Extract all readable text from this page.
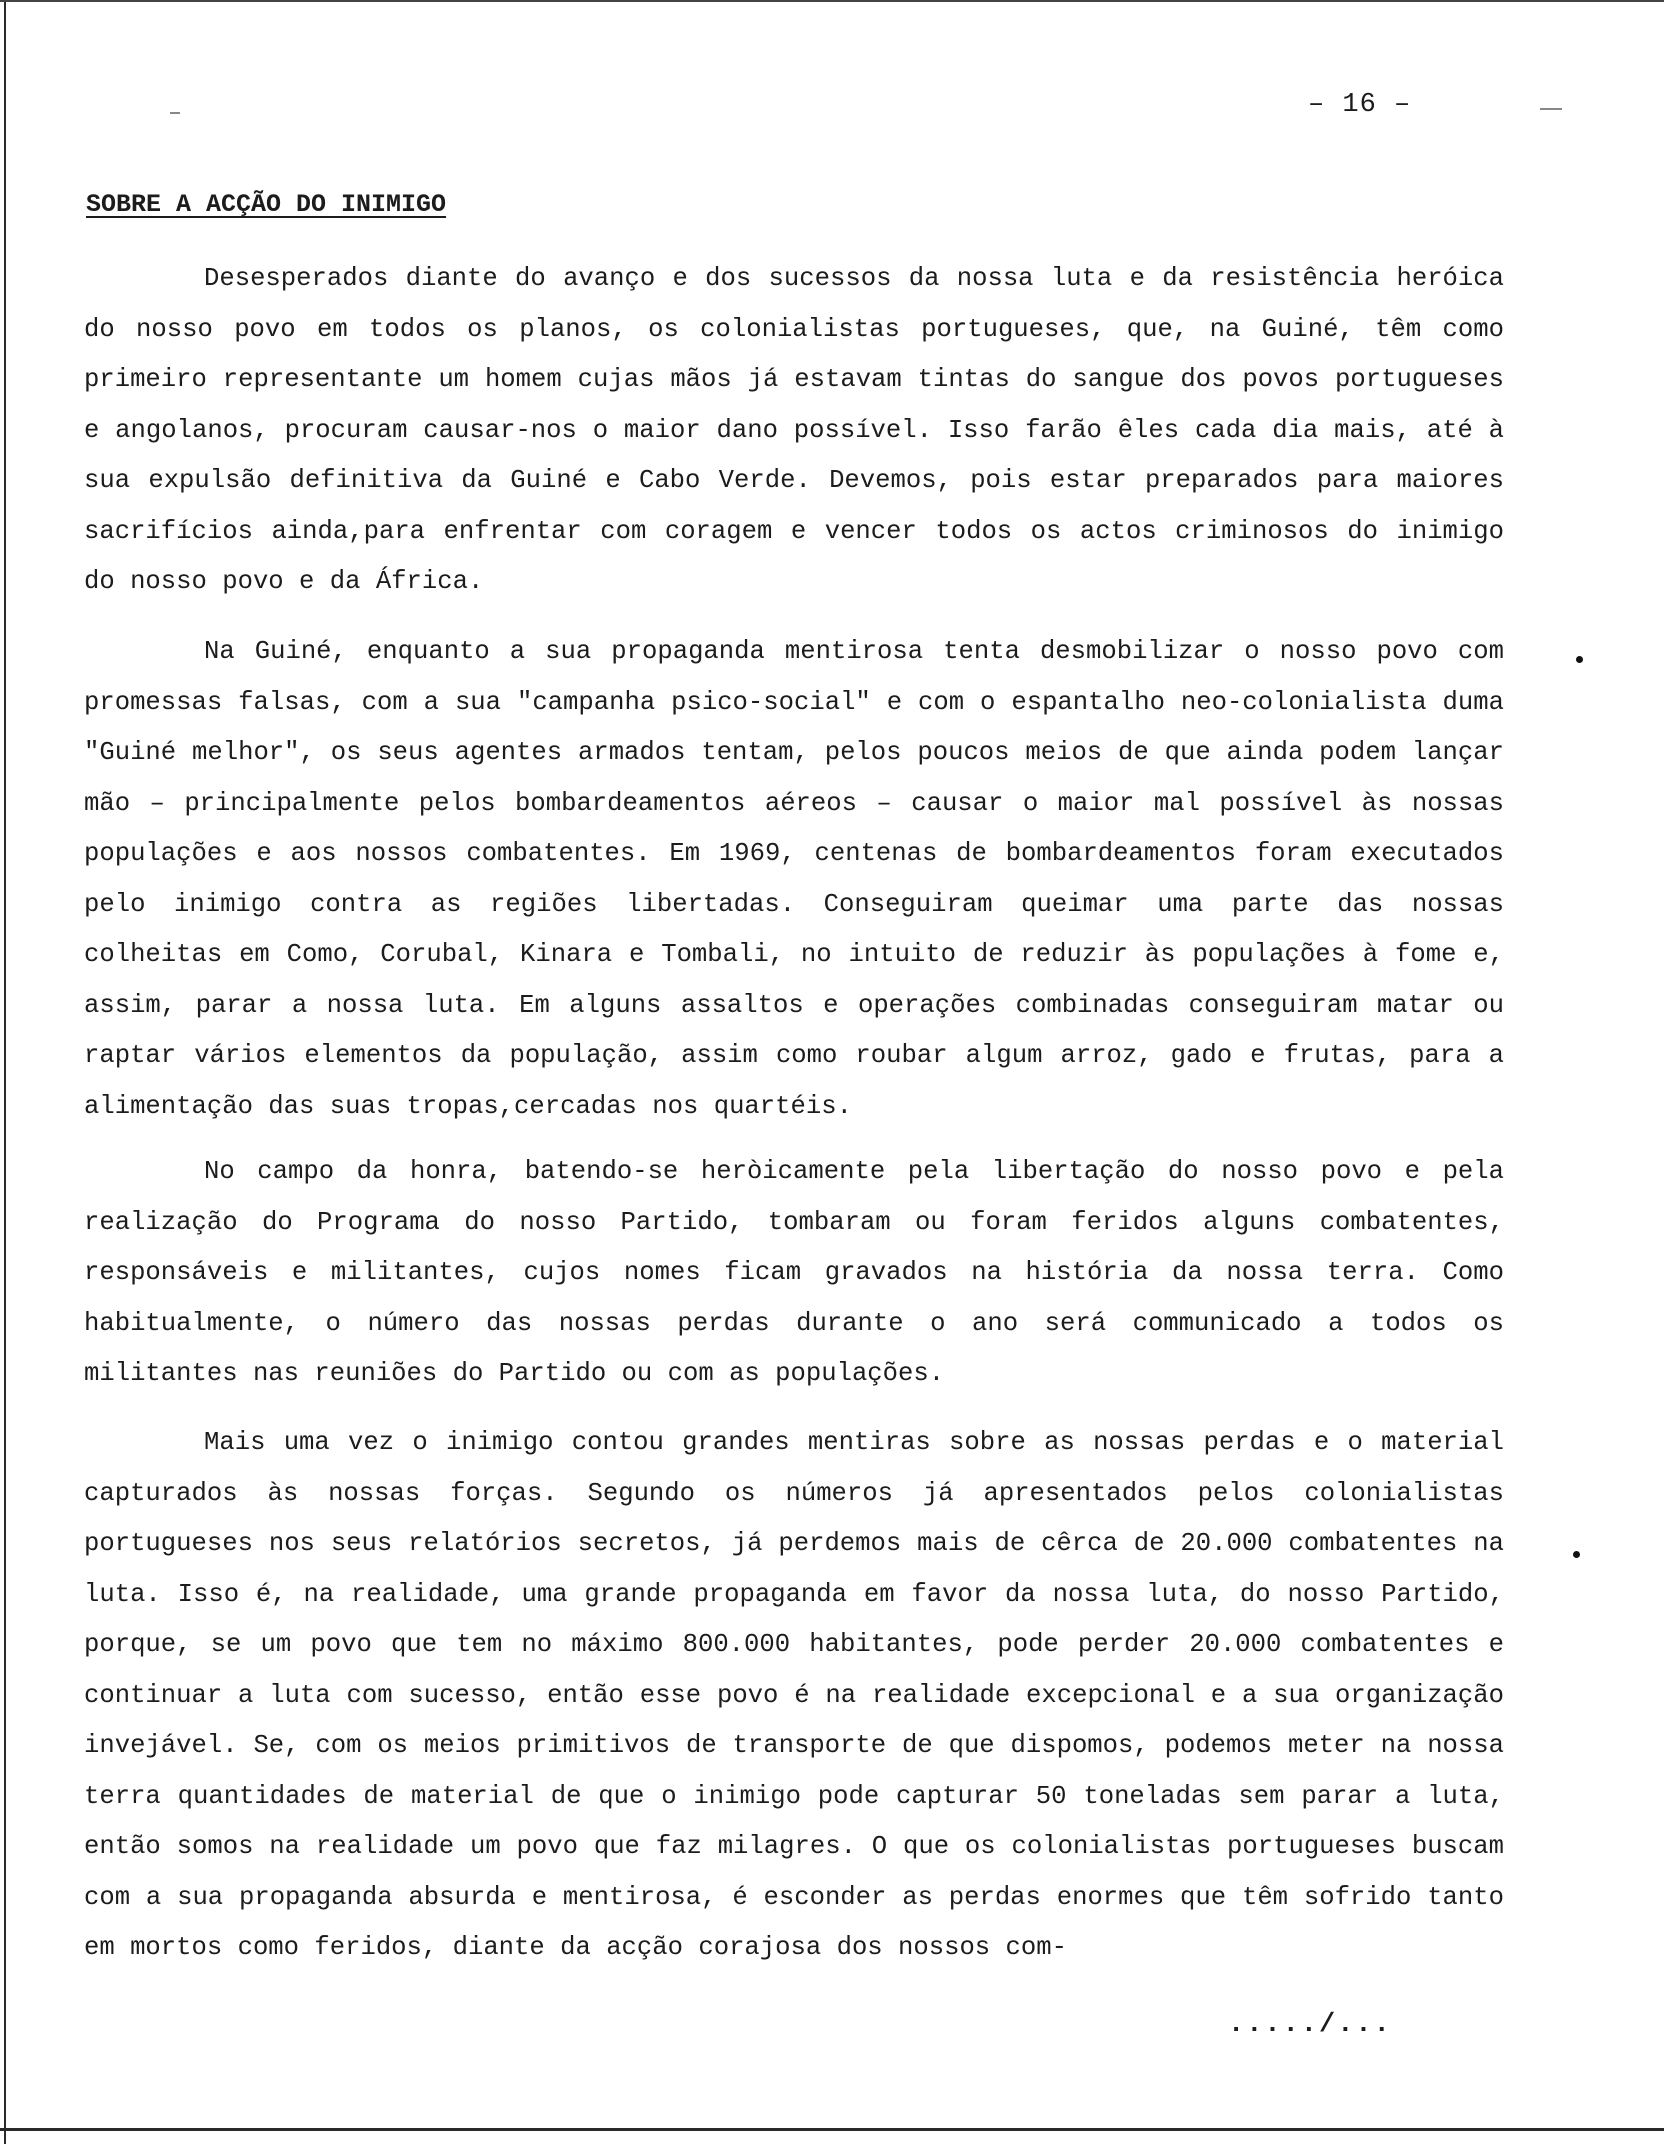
– 16 –
SOBRE A ACÇÃO DO INIMIGO

Desesperados diante do avanço e dos sucessos da nossa luta e da resistência heróica do nosso povo em todos os planos, os colonialistas portugueses, que, na Guiné, têm como primeiro representante um homem cujas mãos já estavam tintas do sangue dos povos portugueses e angolanos, procuram causar-nos o maior dano possível. Isso farão êles cada dia mais, até à sua expulsão definitiva da Guiné e Cabo Verde. Devemos, pois estar preparados para maiores sacrifícios ainda,para enfrentar com coragem e vencer todos os actos criminosos do inimigo do nosso povo e da África.

Na Guiné, enquanto a sua propaganda mentirosa tenta desmobilizar o nosso povo com promessas falsas, com a sua "campanha psico-social" e com o espantalho neo-colonialista duma "Guiné melhor", os seus agentes armados tentam, pelos poucos meios de que ainda podem lançar mão – principalmente pelos bombardeamentos aéreos – causar o maior mal possível às nossas populações e aos nossos combatentes. Em 1969, centenas de bombardeamentos foram executados pelo inimigo contra as regiões libertadas. Conseguiram queimar uma parte das nossas colheitas em Como, Corubal, Kinara e Tombali, no intuito de reduzir às populações à fome e, assim, parar a nossa luta. Em alguns assaltos e operações combinadas conseguiram matar ou raptar vários elementos da população, assim como roubar algum arroz, gado e frutas, para a alimentação das suas tropas,cercadas nos quartéis.

No campo da honra, batendo-se heròicamente pela libertação do nosso povo e pela realização do Programa do nosso Partido, tombaram ou foram feridos alguns combatentes, responsáveis e militantes, cujos nomes ficam gravados na história da nossa terra. Como habitualmente, o número das nossas perdas durante o ano será communicado a todos os militantes nas reuniões do Partido ou com as populações.

Mais uma vez o inimigo contou grandes mentiras sobre as nossas perdas e o material capturados às nossas forças. Segundo os números já apresentados pelos colonialistas portugueses nos seus relatórios secretos, já perdemos mais de cêrca de 20.000 combatentes na luta. Isso é, na realidade, uma grande propaganda em favor da nossa luta, do nosso Partido, porque, se um povo que tem no máximo 800.000 habitantes, pode perder 20.000 combatentes e continuar a luta com sucesso, então esse povo é na realidade excepcional e a sua organização invejável. Se, com os meios primitivos de transporte de que dispomos, podemos meter na nossa terra quantidades de material de que o inimigo pode capturar 50 toneladas sem parar a luta, então somos na realidade um povo que faz milagres. O que os colonialistas portugueses buscam com a sua propaganda absurda e mentirosa, é esconder as perdas enormes que têm sofrido tanto em mortos como feridos, diante da acção corajosa dos nossos com-

...../...
